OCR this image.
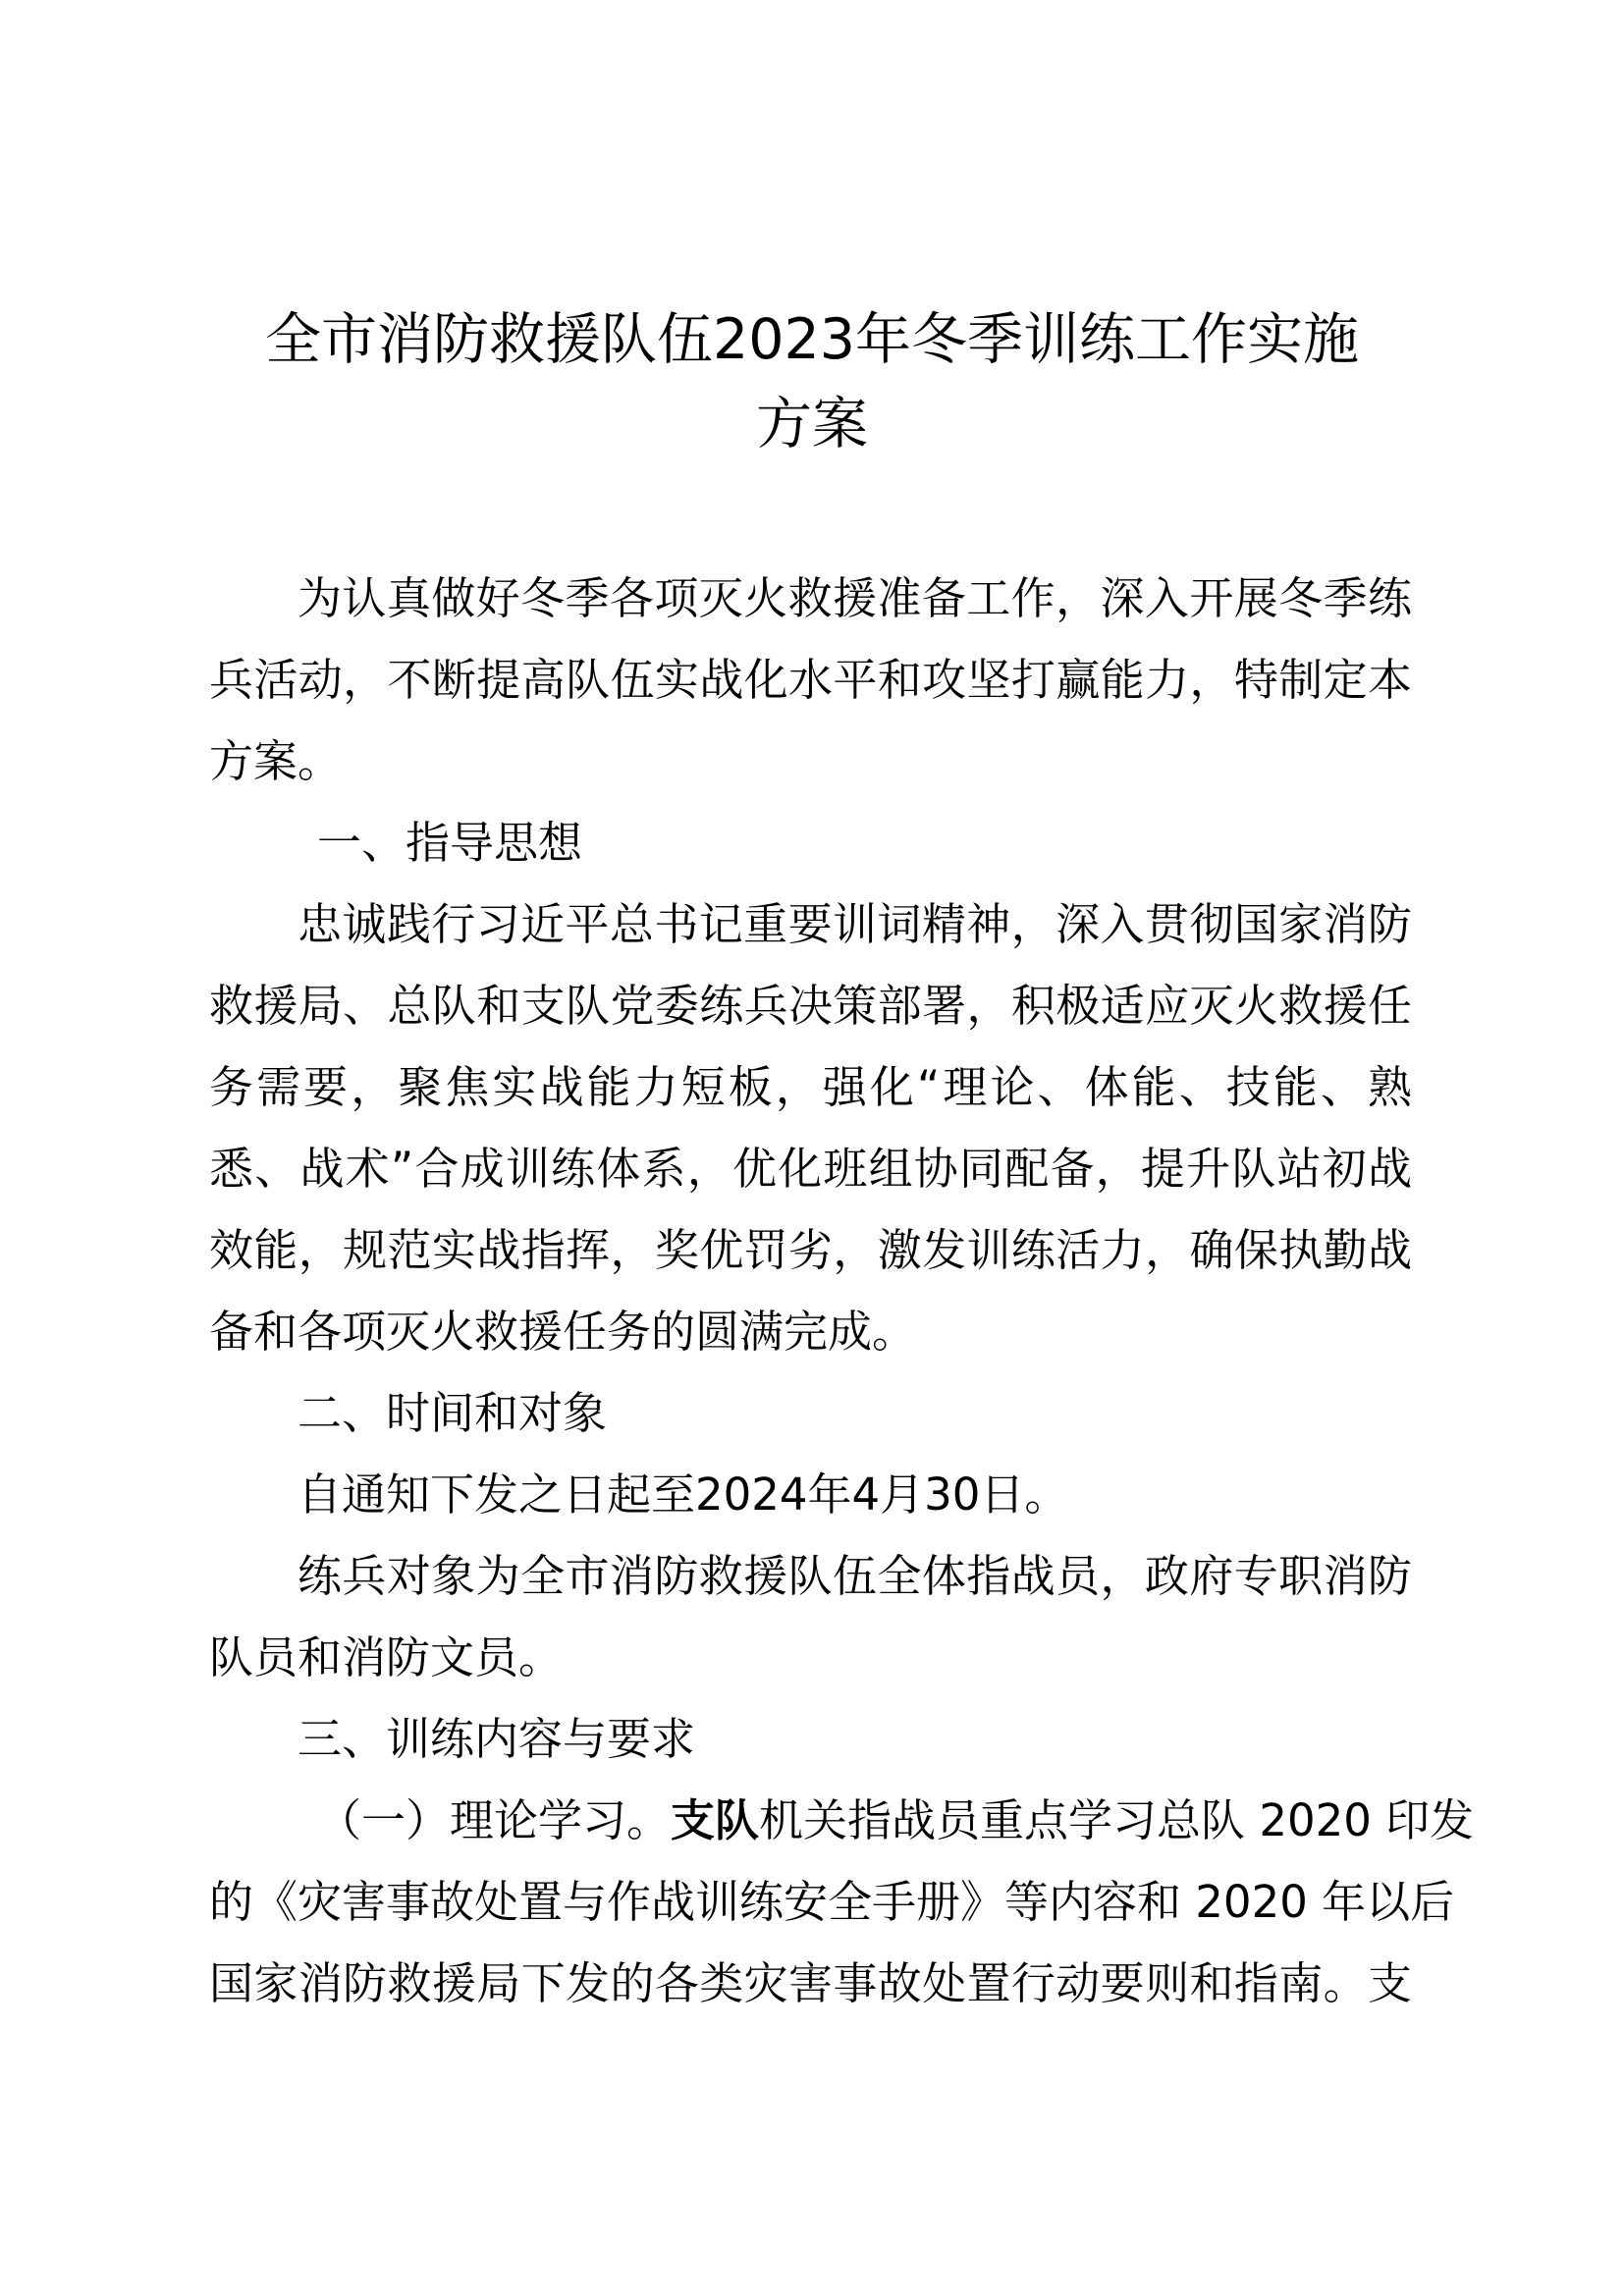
全市消防救援队伍2023年冬季训练工作实施
方案
为认真做好冬季各项灭火救援准备工作，深入开展冬季练
兵活动，不断提高队伍实战化水平和攻坚打赢能力，特制定本
方案。
一、指导思想
忠诚践行习近平总书记重要训词精神，深入贯彻国家消防
救援局、总队和支队党委练兵决策部署，积极适应灭火救援任
务需要，聚焦实战能力短板，强化“理论、体能、技能、熟
悉、战术”合成训练体系，优化班组协同配备，提升队站初战
效能，规范实战指挥，奖优罚劣，激发训练活力，确保执勤战
备和各项灭火救援任务的圆满完成。
二、时间和对象
自通知下发之日起至2024年4月30日。
练兵对象为全市消防救援队伍全体指战员，政府专职消防
队员和消防文员。
三、训练内容与要求
（一）理论学习。支队机关指战员重点学习总队 2020 印发
的《灾害事故处置与作战训练安全手册》等内容和 2020 年以后
国家消防救援局下发的各类灾害事故处置行动要则和指南。支
